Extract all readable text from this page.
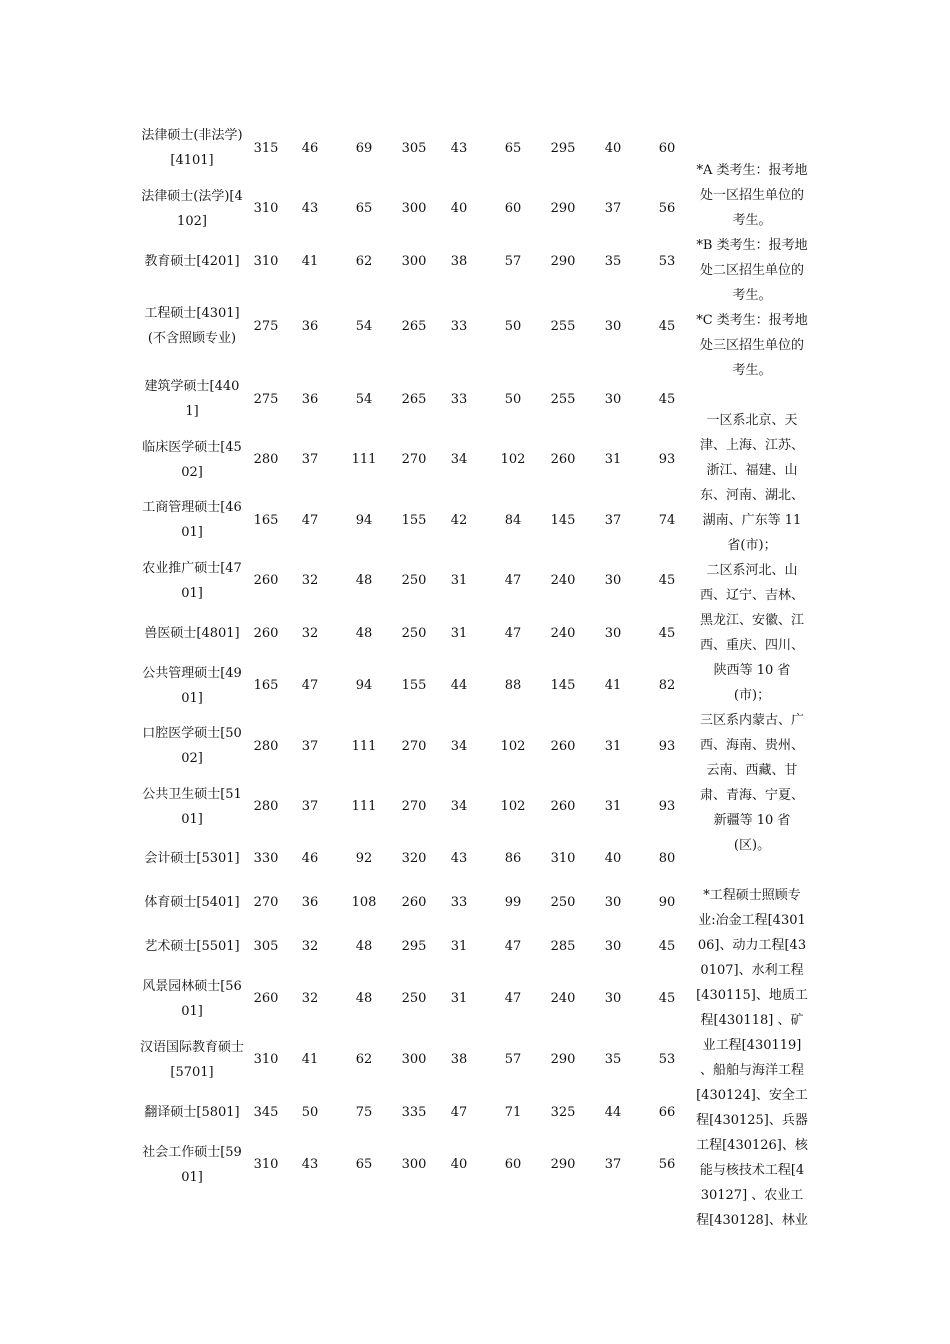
法律硕士(非法学)[4101]	315	46	69	305	43	65	295	40	60
法律硕士(法学)[4102]	310	43	65	300	40	60	290	37	56
教育硕士[4201]	310	41	62	300	38	57	290	35	53
工程硕士[4301](不含照顾专业)	275	36	54	265	33	50	255	30	45
建筑学硕士[4401]	275	36	54	265	33	50	255	30	45
临床医学硕士[4502]	280	37	111	270	34	102	260	31	93
工商管理硕士[4601]	165	47	94	155	42	84	145	37	74
农业推广硕士[4701]	260	32	48	250	31	47	240	30	45
兽医硕士[4801]	260	32	48	250	31	47	240	30	45
公共管理硕士[4901]	165	47	94	155	44	88	145	41	82
口腔医学硕士[5002]	280	37	111	270	34	102	260	31	93
公共卫生硕士[5101]	280	37	111	270	34	102	260	31	93
会计硕士[5301]	330	46	92	320	43	86	310	40	80
体育硕士[5401]	270	36	108	260	33	99	250	30	90
艺术硕士[5501]	305	32	48	295	31	47	285	30	45
风景园林硕士[5601]	260	32	48	250	31	47	240	30	45
汉语国际教育硕士[5701]	310	41	62	300	38	57	290	35	53
翻译硕士[5801]	345	50	75	335	47	71	325	44	66
社会工作硕士[5901]	310	43	65	300	40	60	290	37	56

*A 类考生：报考地处一区招生单位的考生。

*B 类考生：报考地处二区招生单位的考生。

*C 类考生：报考地处三区招生单位的考生。

一区系北京、天津、上海、江苏、浙江、福建、山东、河南、湖北、湖南、广东等 11 省(市)；

二区系河北、山西、辽宁、吉林、黑龙江、安徽、江西、重庆、四川、陕西等 10 省(市)；

三区系内蒙古、广西、海南、贵州、云南、西藏、甘肃、青海、宁夏、新疆等 10 省(区)。

*工程硕士照顾专业:冶金工程[430106]、动力工程[430107]、水利工程[430115]、地质工程[430118] 、矿业工程[430119] 、船舶与海洋工程[430124]、安全工程[430125]、兵器工程[430126]、核能与核技术工程[430127] 、农业工程[430128]、林业
